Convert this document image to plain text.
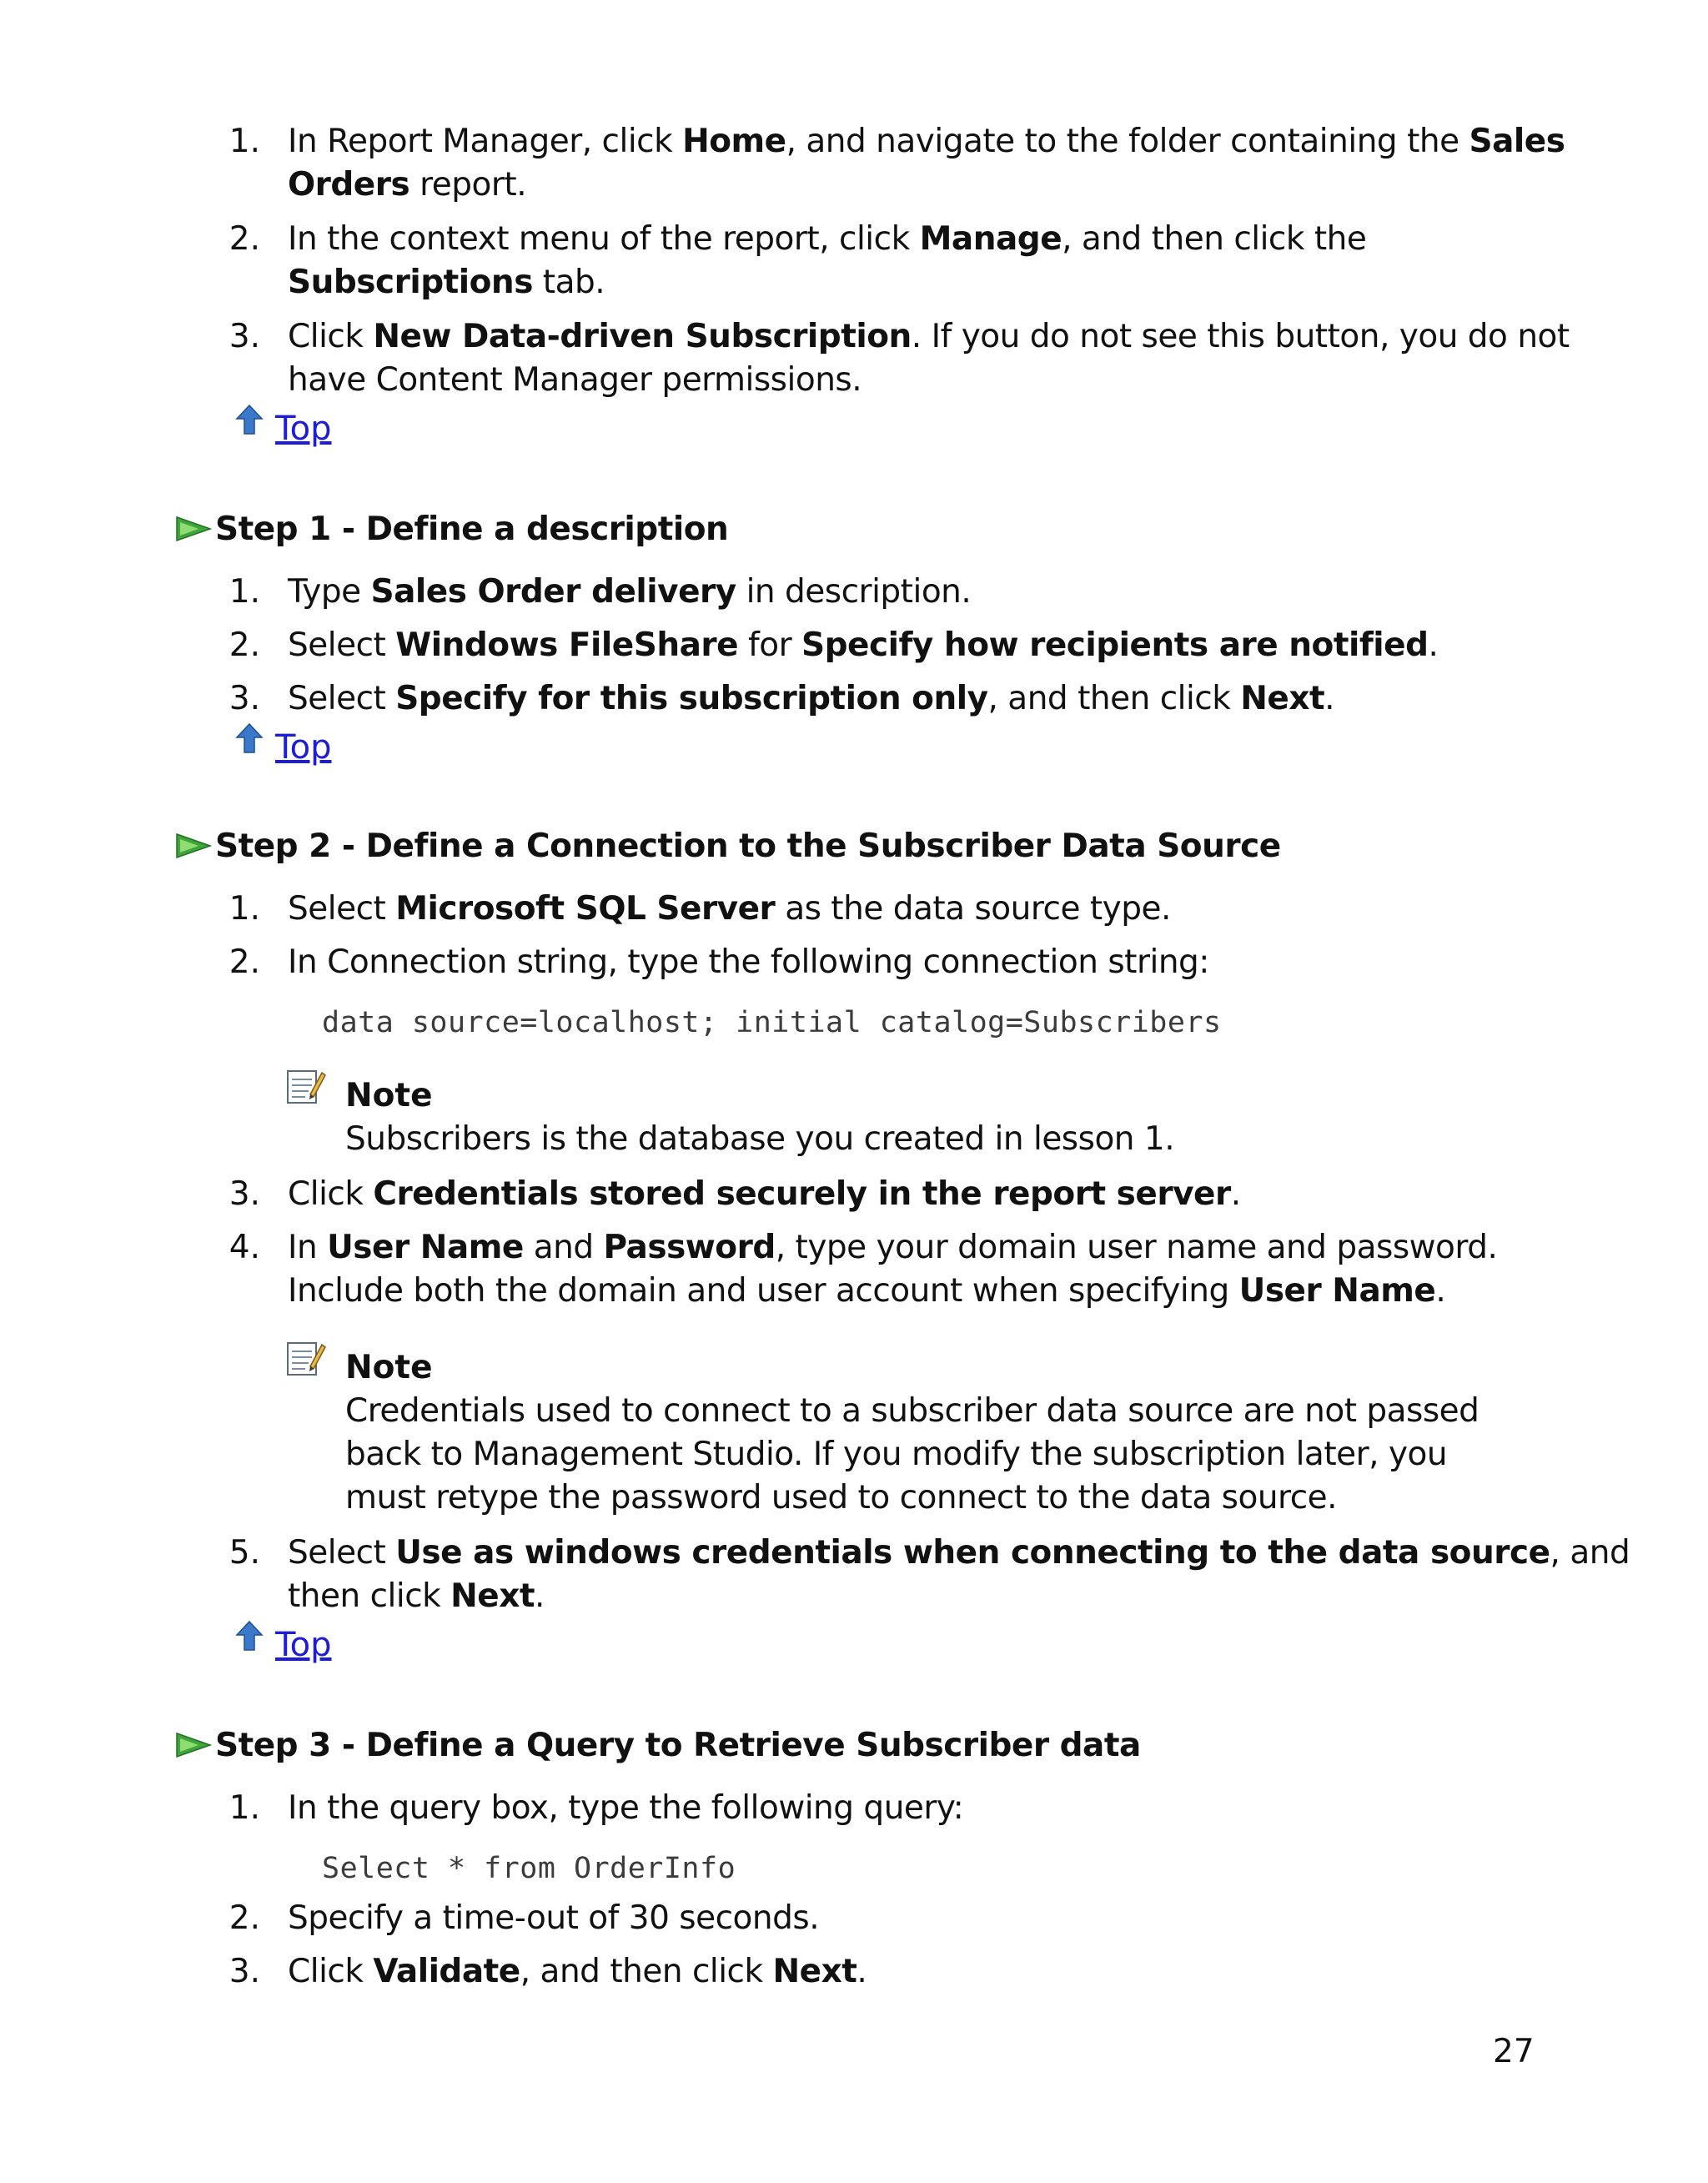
1. In Report Manager, click Home, and navigate to the folder containing the Sales
Orders report.
2. In the context menu of the report, click Manage, and then click the
Subscriptions tab.
3. Click New Data-driven Subscription. If you do not see this button, you do not
have Content Manager permissions.
Top
Step 1 - Define a description
1. Type Sales Order delivery in description.
2. Select Windows FileShare for Specify how recipients are notified.
3. Select Specify for this subscription only, and then click Next.
Top
Step 2 - Define a Connection to the Subscriber Data Source
1. Select Microsoft SQL Server as the data source type.
2. In Connection string, type the following connection string:
data source=localhost; initial catalog=Subscribers
Note
Subscribers is the database you created in lesson 1.
3. Click Credentials stored securely in the report server.
4. In User Name and Password, type your domain user name and password.
Include both the domain and user account when specifying User Name.
Note
Credentials used to connect to a subscriber data source are not passed
back to Management Studio. If you modify the subscription later, you
must retype the password used to connect to the data source.
5. Select Use as windows credentials when connecting to the data source, and
then click Next.
Top
Step 3 - Define a Query to Retrieve Subscriber data
1. In the query box, type the following query:
Select * from OrderInfo
2. Specify a time-out of 30 seconds.
3. Click Validate, and then click Next.
27
